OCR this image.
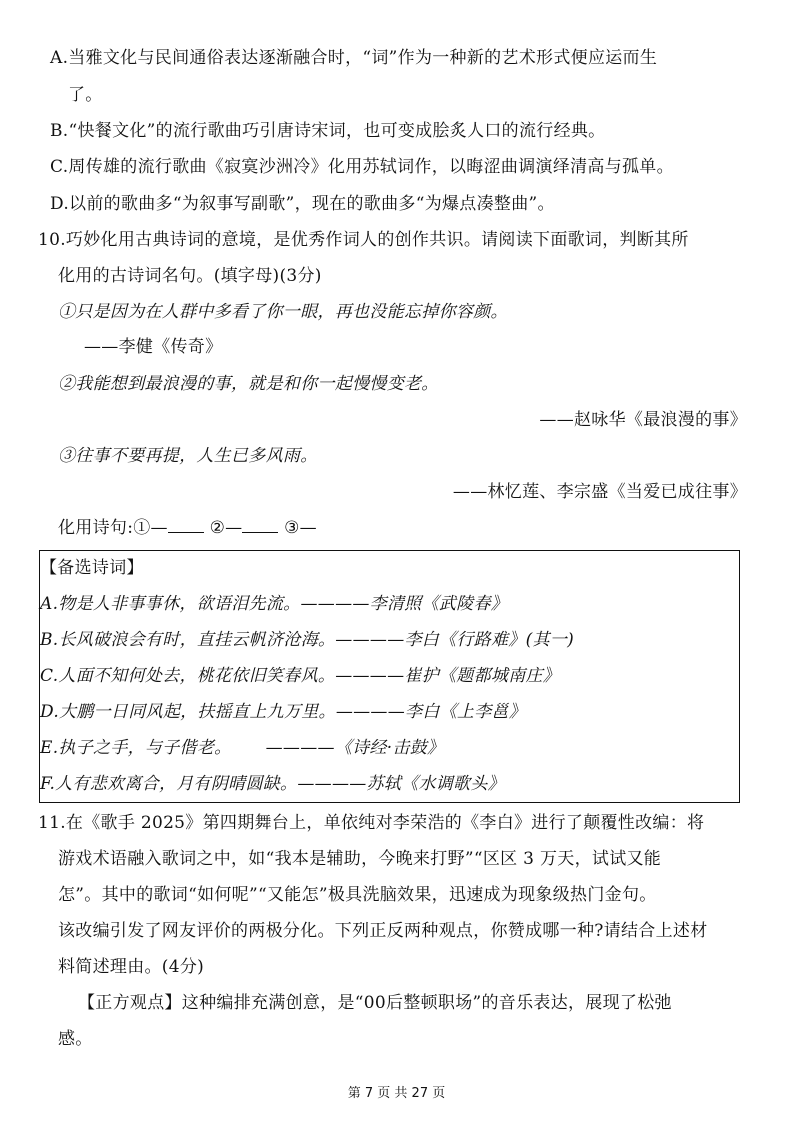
A.当雅文化与民间通俗表达逐渐融合时，“词”作为一种新的艺术形式便应运而生
了。
B.“快餐文化”的流行歌曲巧引唐诗宋词，也可变成脍炙人口的流行经典。
C.周传雄的流行歌曲《寂寞沙洲冷》化用苏轼词作，以晦涩曲调演绎清高与孤单。
D.以前的歌曲多“为叙事写副歌”，现在的歌曲多“为爆点凑整曲”。
10.巧妙化用古典诗词的意境，是优秀作词人的创作共识。请阅读下面歌词，判断其所
化用的古诗词名句。(填字母)(3分)
①只是因为在人群中多看了你一眼，再也没能忘掉你容颜。
——李健《传奇》
②我能想到最浪漫的事，就是和你一起慢慢变老。
——赵咏华《最浪漫的事》
③往事不要再提，人生已多风雨。
——林忆莲、李宗盛《当爱已成往事》
化用诗句:①— ②— ③—
【备选诗词】
A.物是人非事事休，欲语泪先流。————李清照《武陵春》
B.长风破浪会有时，直挂云帆济沧海。————李白《行路难》(其一)
C.人面不知何处去，桃花依旧笑春风。————崔护《题都城南庄》
D.大鹏一日同风起，扶摇直上九万里。————李白《上李邕》
E.执子之手，与子偕老。      ————《诗经·击鼓》
F.人有悲欢离合，月有阴晴圆缺。————苏轼《水调歌头》
11.在《歌手 2025》第四期舞台上，单依纯对李荣浩的《李白》进行了颠覆性改编：将
游戏术语融入歌词之中，如“我本是辅助，今晚来打野”“区区 3 万天，试试又能
怎”。其中的歌词“如何呢”“又能怎”极具洗脑效果，迅速成为现象级热门金句。
该改编引发了网友评价的两极分化。下列正反两种观点，你赞成哪一种?请结合上述材
料简述理由。(4分)
【正方观点】这种编排充满创意，是“00后整顿职场”的音乐表达，展现了松弛
感。
第 7 页 共 27 页
